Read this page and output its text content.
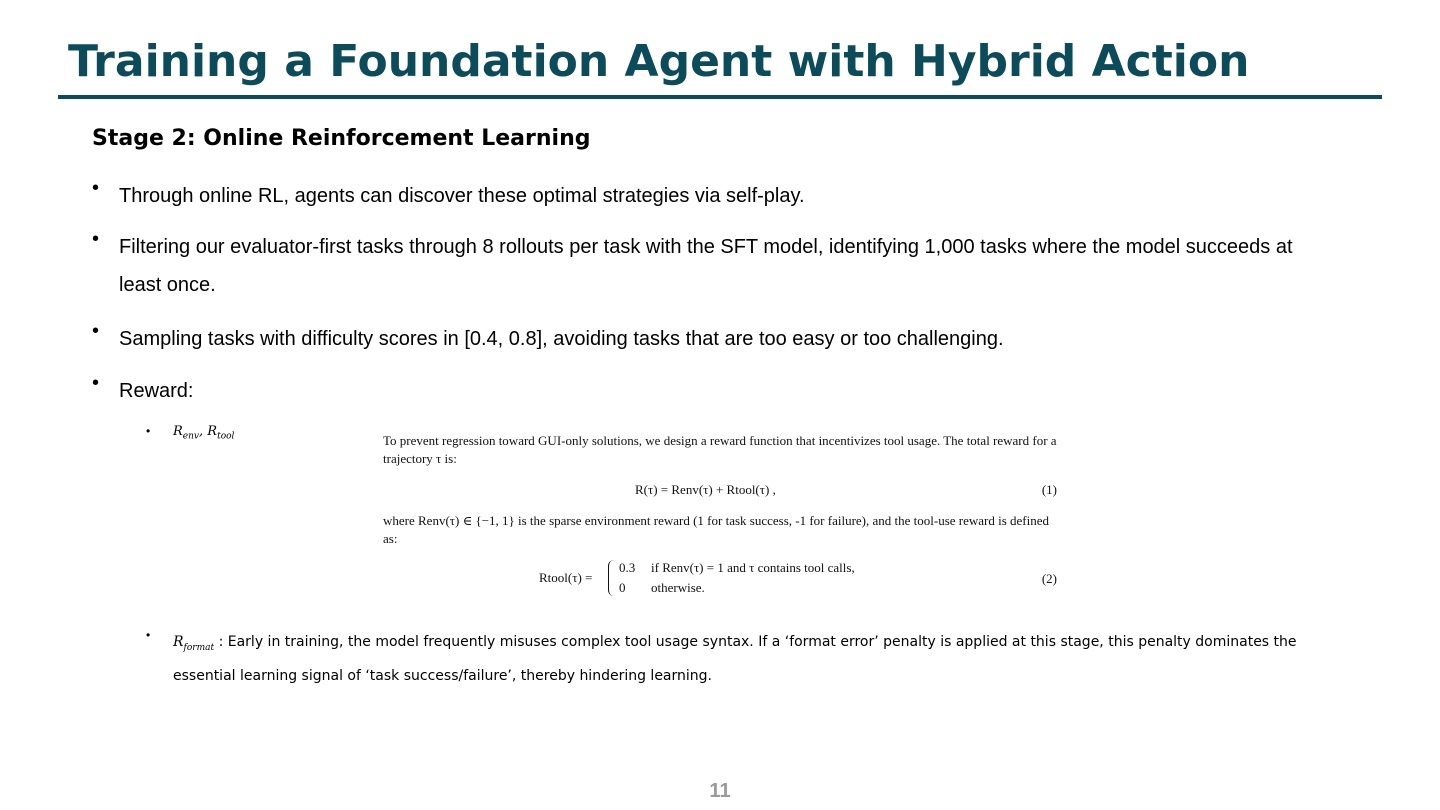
Training a Foundation Agent with Hybrid Action
Stage 2: Online Reinforcement Learning
• Through online RL, agents can discover these optimal strategies via self-play.
• Filtering our evaluator-first tasks through 8 rollouts per task with the SFT model, identifying 1,000 tasks where the model succeeds at least once.
• Sampling tasks with difficulty scores in [0.4, 0.8], avoiding tasks that are too easy or too challenging.
• Reward:
• $R_{env}$, $R_{tool}$	To prevent regression toward GUI-only solutions, we design a reward function that incentivizes tool usage. The total reward for a trajectory τ is:
R(τ) = Renv(τ) + Rtool(τ) ,	(1)
where Renv(τ) ∈ {−1, 1} is the sparse environment reward (1 for task success, -1 for failure), and the tool-use reward is defined as:
Rtool(τ) =
0.3 if Renv(τ) = 1 and τ contains tool calls,
0 otherwise.
(2)
• $R_{format}$ : Early in training, the model frequently misuses complex tool usage syntax. If a ‘format error’ penalty is applied at this stage, this penalty dominates the essential learning signal of ‘task success/failure’, thereby hindering learning.
11
